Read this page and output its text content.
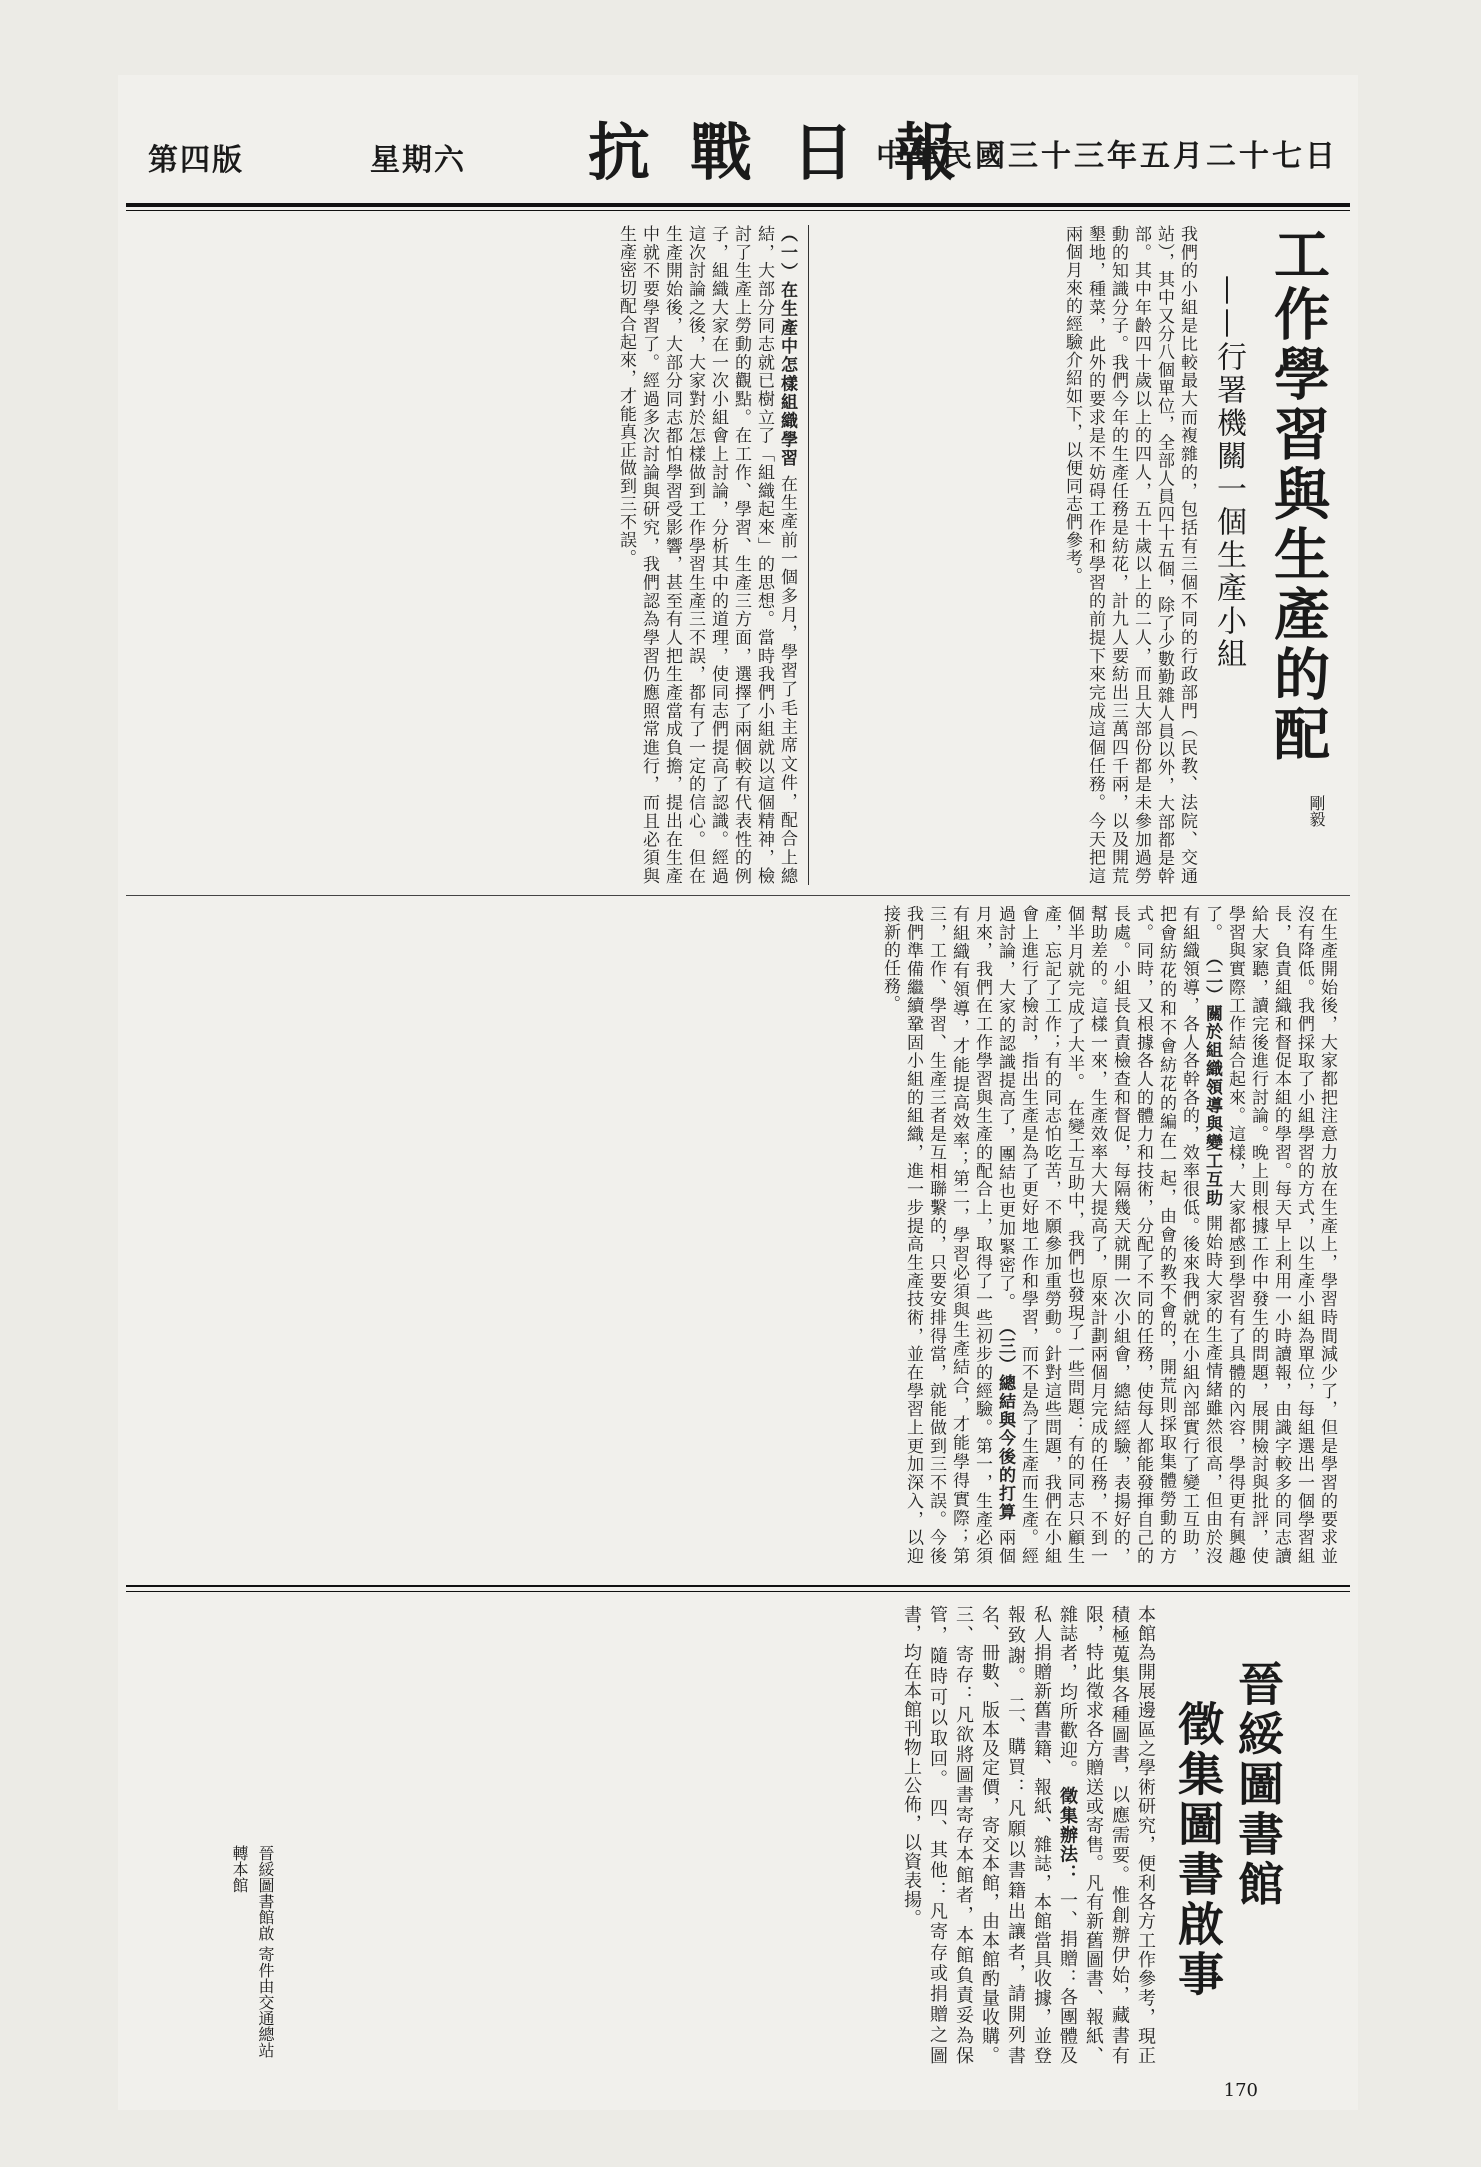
第四版	星期六 抗戰日報
中華民國三十三年五月二十七日
工作學習與生產的配
——行署機關一個生產小組
剛毅
我們的小組是比較最大而複雜的，包括有三個不同的行政部門（民教、法院、交通站），其中又分八個單位，全部人員四十五個，除了少數勤雜人員以外，大部都是幹部。其中年齡四十歲以上的四人，五十歲以上的二人，而且大部份都是未參加過勞動的知識分子。我們今年的生產任務是紡花，計九人要紡出三萬四千兩，以及開荒墾地，種菜，此外的要求是不妨碍工作和學習的前提下來完成這個任務。今天把這兩個月來的經驗介紹如下，以便同志們參考。
（一）在生產中怎樣組織學習 在生產前一個多月，學習了毛主席文件，配合上總結，大部分同志就已樹立了「組織起來」的思想。當時我們小組就以這個精神，檢討了生產上勞動的觀點。在工作、學習、生產三方面，選擇了兩個較有代表性的例子，組織大家在一次小組會上討論，分析其中的道理，使同志們提高了認識。經過這次討論之後，大家對於怎樣做到工作學習生產三不誤，都有了一定的信心。但在生產開始後，大部分同志都怕學習受影響，甚至有人把生產當成負擔，提出在生產中就不要學習了。經過多次討論與研究，我們認為學習仍應照常進行，而且必須與生產密切配合起來，才能真正做到三不誤。
在生產開始後，大家都把注意力放在生產上，學習時間減少了，但是學習的要求並沒有降低。我們採取了小組學習的方式，以生產小組為單位，每組選出一個學習組長，負責組織和督促本組的學習。每天早上利用一小時讀報，由識字較多的同志讀給大家聽，讀完後進行討論。晚上則根據工作中發生的問題，展開檢討與批評，使學習與實際工作結合起來。這樣，大家都感到學習有了具體的內容，學得更有興趣了。 （二）關於組織領導與變工互助 開始時大家的生產情緒雖然很高，但由於沒有組織領導，各人各幹各的，效率很低。後來我們就在小組內部實行了變工互助，把會紡花的和不會紡花的編在一起，由會的教不會的，開荒則採取集體勞動的方式。同時，又根據各人的體力和技術，分配了不同的任務，使每人都能發揮自己的長處。小組長負責檢查和督促，每隔幾天就開一次小組會，總結經驗，表揚好的，幫助差的。這樣一來，生產效率大大提高了，原來計劃兩個月完成的任務，不到一個半月就完成了大半。 在變工互助中，我們也發現了一些問題：有的同志只顧生產，忘記了工作；有的同志怕吃苦，不願參加重勞動。針對這些問題，我們在小組會上進行了檢討，指出生產是為了更好地工作和學習，而不是為了生產而生產。經過討論，大家的認識提高了，團結也更加緊密了。 （三）總結與今後的打算 兩個月來，我們在工作學習與生產的配合上，取得了一些初步的經驗。第一，生產必須有組織有領導，才能提高效率；第二，學習必須與生產結合，才能學得實際；第三，工作、學習、生產三者是互相聯繫的，只要安排得當，就能做到三不誤。今後我們準備繼續鞏固小組的組織，進一步提高生產技術，並在學習上更加深入，以迎接新的任務。
晉綏圖書館
徵集圖書啟事
本館為開展邊區之學術研究，便利各方工作參考，現正積極蒐集各種圖書，以應需要。惟創辦伊始，藏書有限，特此徵求各方贈送或寄售。凡有新舊圖書、報紙、雜誌者，均所歡迎。 徵集辦法： 一、捐贈：各團體及私人捐贈新舊書籍、報紙、雜誌，本館當具收據，並登報致謝。 二、購買：凡願以書籍出讓者，請開列書名、冊數、版本及定價，寄交本館，由本館酌量收購。 三、寄存：凡欲將圖書寄存本館者，本館負責妥為保管，隨時可以取回。 四、其他：凡寄存或捐贈之圖書，均在本館刊物上公佈，以資表揚。
晉綏圖書館啟 寄件由交通總站轉本館
170
